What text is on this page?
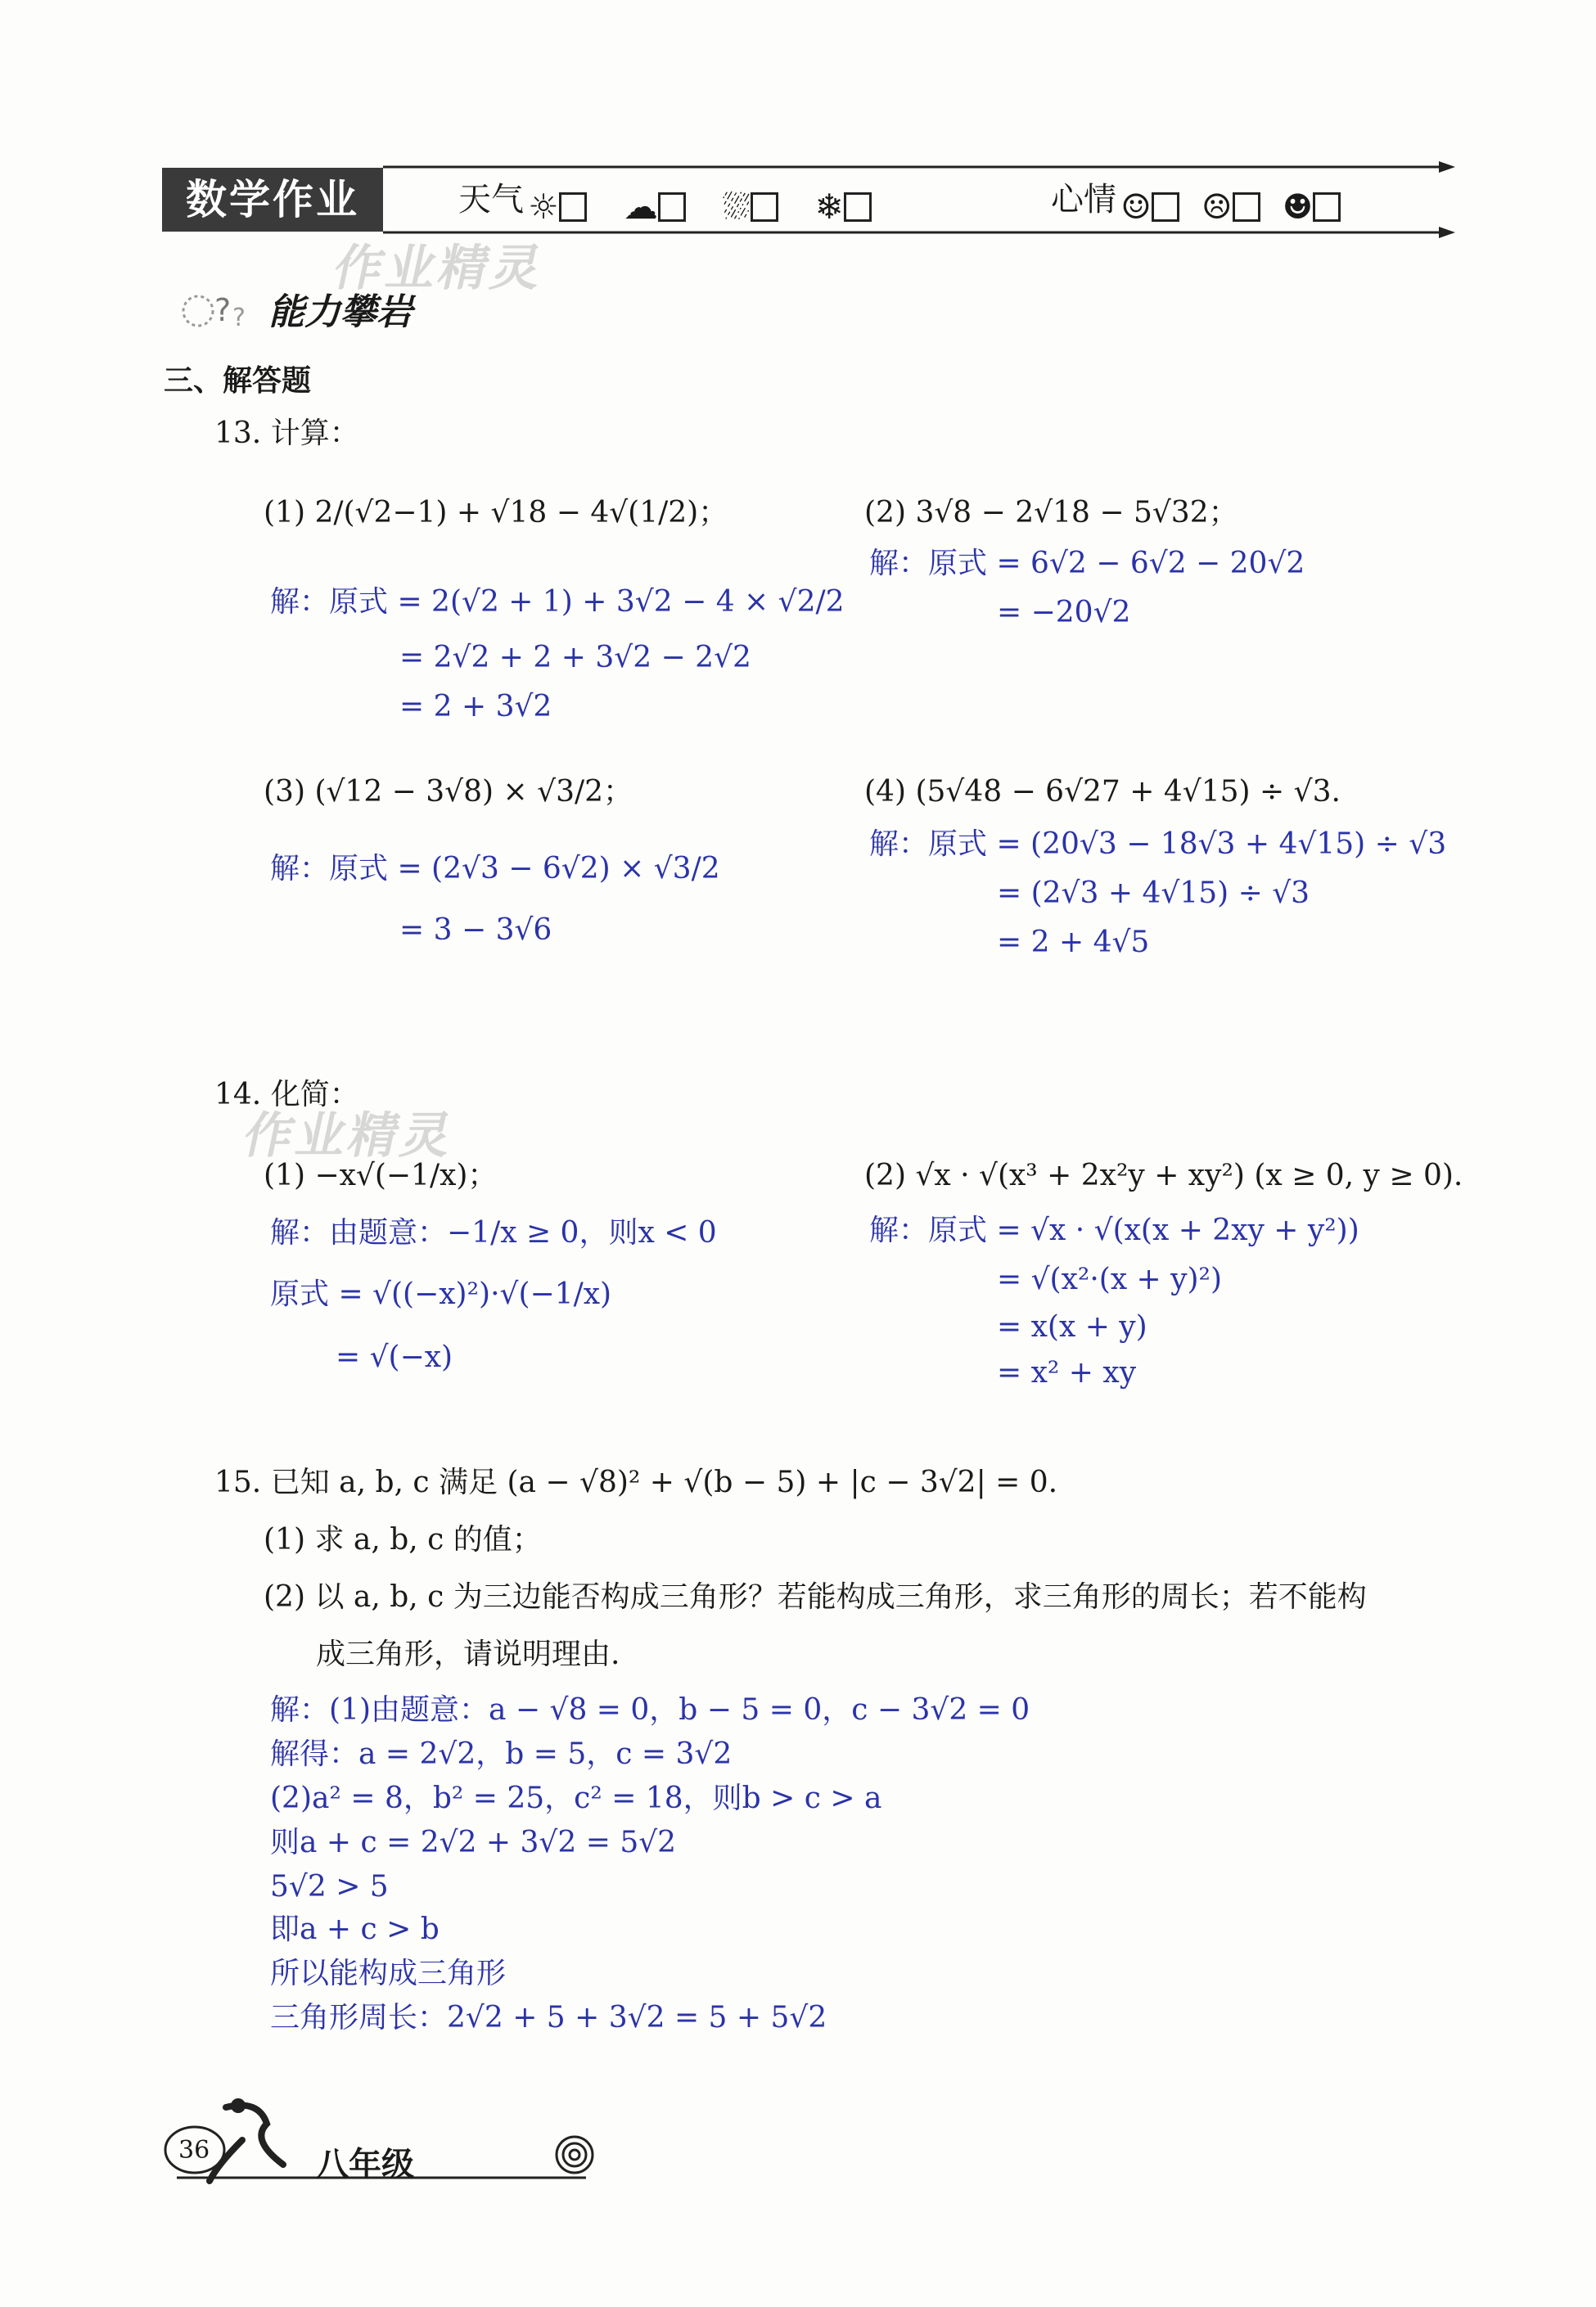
数学作业	天气 ☼ ☁ ⛆ ❄	心情 ☺ ☹ ☻
作业精灵
? ? 能力攀岩
三、解答题
13. 计算：
(1) 2/(√2−1) + √18 − 4√(1/2)；
解：原式 = 2(√2 + 1) + 3√2 − 4 × √2/2
= 2√2 + 2 + 3√2 − 2√2
= 2 + 3√2
(2) 3√8 − 2√18 − 5√32；
解：原式 = 6√2 − 6√2 − 20√2
= −20√2
(3) (√12 − 3√8) × √3/2；
解：原式 = (2√3 − 6√2) × √3/2
= 3 − 3√6
(4) (5√48 − 6√27 + 4√15) ÷ √3.
解：原式 = (20√3 − 18√3 + 4√15) ÷ √3
= (2√3 + 4√15) ÷ √3
= 2 + 4√5
14. 化简：
作业精灵
(1) −x√(−1/x)；
解：由题意：−1/x ≥ 0，则x < 0
原式 = √((−x)²)·√(−1/x)
= √(−x)
(2) √x · √(x³ + 2x²y + xy²) (x ≥ 0, y ≥ 0).
解：原式 = √x · √(x(x + 2xy + y²))
= √(x²·(x + y)²)
= x(x + y)
= x² + xy
15. 已知 a, b, c 满足 (a − √8)² + √(b − 5) + |c − 3√2| = 0.
(1) 求 a, b, c 的值；
(2) 以 a, b, c 为三边能否构成三角形？若能构成三角形，求三角形的周长；若不能构
成三角形，请说明理由.
解：(1)由题意：a − √8 = 0，b − 5 = 0，c − 3√2 = 0
解得：a = 2√2，b = 5，c = 3√2
(2)a² = 8，b² = 25，c² = 18，则b > c > a
则a + c = 2√2 + 3√2 = 5√2
5√2 > 5
即a + c > b
所以能构成三角形
三角形周长：2√2 + 5 + 3√2 = 5 + 5√2
36	八年级
